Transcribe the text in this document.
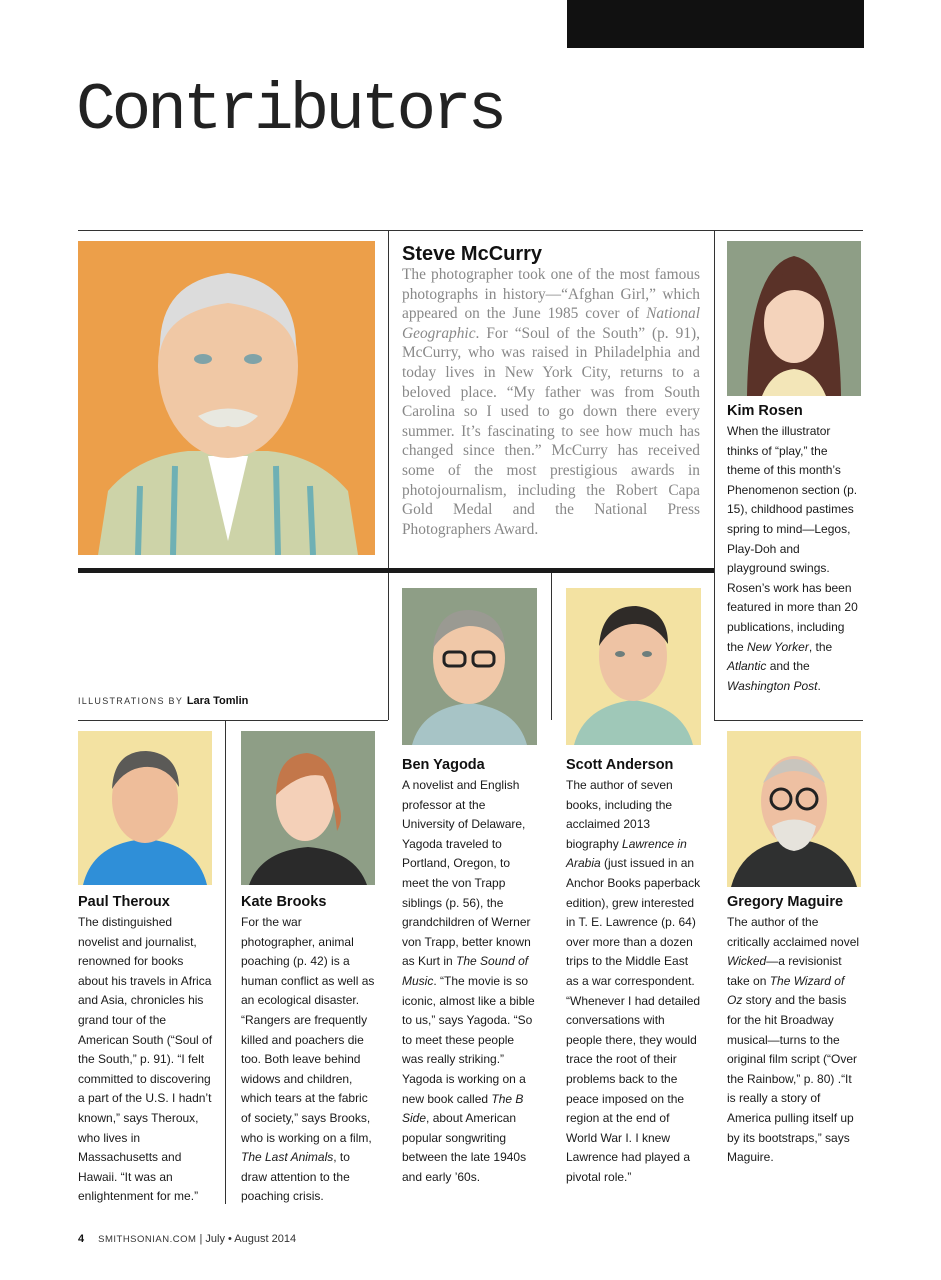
Contributors
Steve McCurry

The photographer took one of the most famous photographs in history—“Afghan Girl,” which appeared on the June 1985 cover of National Geographic. For “Soul of the South” (p. 91), McCurry, who was raised in Philadelphia and today lives in New York City, returns to a beloved place. “My father was from South Carolina so I used to go down there every summer. It’s fascinating to see how much has changed since then.” McCurry has received some of the most prestigious awards in photojournalism, including the Robert Capa Gold Medal and the National Press Photographers Award.

Kim Rosen

When the illustrator thinks of “play,” the theme of this month’s Phenomenon section (p. 15), childhood pastimes spring to mind—Legos, Play-Doh and playground swings. Rosen’s work has been featured in more than 20 publications, including the New Yorker, the Atlantic and the Washington Post.

Ben Yagoda

A novelist and English professor at the University of Delaware, Yagoda traveled to Portland, Oregon, to meet the von Trapp siblings (p. 56), the grandchildren of Werner von Trapp, better known as Kurt in The Sound of Music. “The movie is so iconic, almost like a bible to us,” says Yagoda. “So to meet these people was really striking.” Yagoda is working on a new book called The B Side, about American popular songwriting between the late 1940s and early ’60s.

Scott Anderson

The author of seven books, including the acclaimed 2013 biography Lawrence in Arabia (just issued in an Anchor Books paperback edition), grew interested in T. E. Lawrence (p. 64) over more than a dozen trips to the Middle East as a war correspondent. “Whenever I had detailed conversations with people there, they would trace the root of their problems back to the peace imposed on the region at the end of World War I. I knew Lawrence had played a pivotal role.”

ILLUSTRATIONS BY Lara Tomlin
Paul Theroux

The distinguished novelist and journalist, renowned for books about his travels in Africa and Asia, chronicles his grand tour of the American South (“Soul of the South,” p. 91). “I felt committed to discovering a part of the U.S. I hadn’t known,” says Theroux, who lives in Massachusetts and Hawaii. “It was an enlightenment for me.”

Kate Brooks

For the war photographer, animal poaching (p. 42) is a human conflict as well as an ecological disaster. “Rangers are frequently killed and poachers die too. Both leave behind widows and children, which tears at the fabric of society,” says Brooks, who is working on a film, The Last Animals, to draw attention to the poaching crisis.

Gregory Maguire

The author of the critically acclaimed novel Wicked—a revisionist take on The Wizard of Oz story and the basis for the hit Broadway musical—turns to the original film script (“Over the Rainbow,” p. 80) .“It is really a story of America pulling itself up by its bootstraps,” says Maguire.

4 SMITHSONIAN.COM | July • August 2014
